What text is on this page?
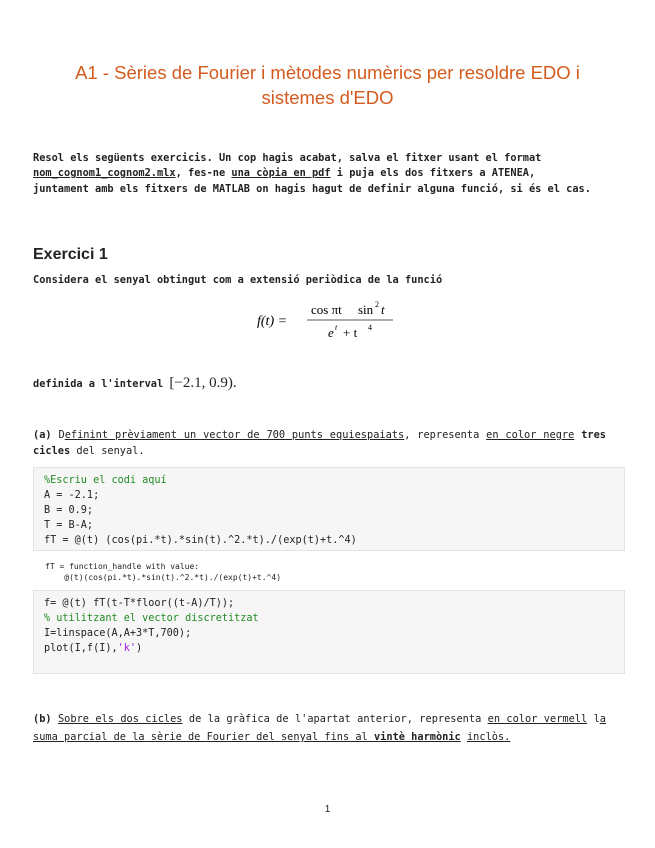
A1 - Sèries de Fourier i mètodes numèrics per resoldre EDO i sistemes d'EDO
Resol els següents exercicis. Un cop hagis acabat, salva el fitxer usant el format nom_cognom1_cognom2.mlx, fes-ne una còpia en pdf i puja els dos fitxers a ATENEA, juntament amb els fitxers de MATLAB on hagis hagut de definir alguna funció, si és el cas.
Exercici 1
Considera el senyal obtingut com a extensió periòdica de la funció
f(t) =
cos πt sin 2 t
e t + t 4
definida a l'interval [−2.1, 0.9).
(a) Definint prèviament un vector de 700 punts equiespaiats, representa en color negre tres cicles del senyal.
%Escriu el codi aquí
A = -2.1;
B = 0.9;
T = B-A;
fT = @(t) (cos(pi.*t).*sin(t).^2.*t)./(exp(t)+t.^4)
fT = function_handle with value:
@(t)(cos(pi.*t).*sin(t).^2.*t)./(exp(t)+t.^4)
f= @(t) fT(t-T*floor((t-A)/T));
% utilitzant el vector discretitzat
I=linspace(A,A+3*T,700);
plot(I,f(I),'k')
(b) Sobre els dos cicles de la gràfica de l'apartat anterior, representa en color vermell la suma parcial de la sèrie de Fourier del senyal fins al vintè harmònic inclòs.
1
